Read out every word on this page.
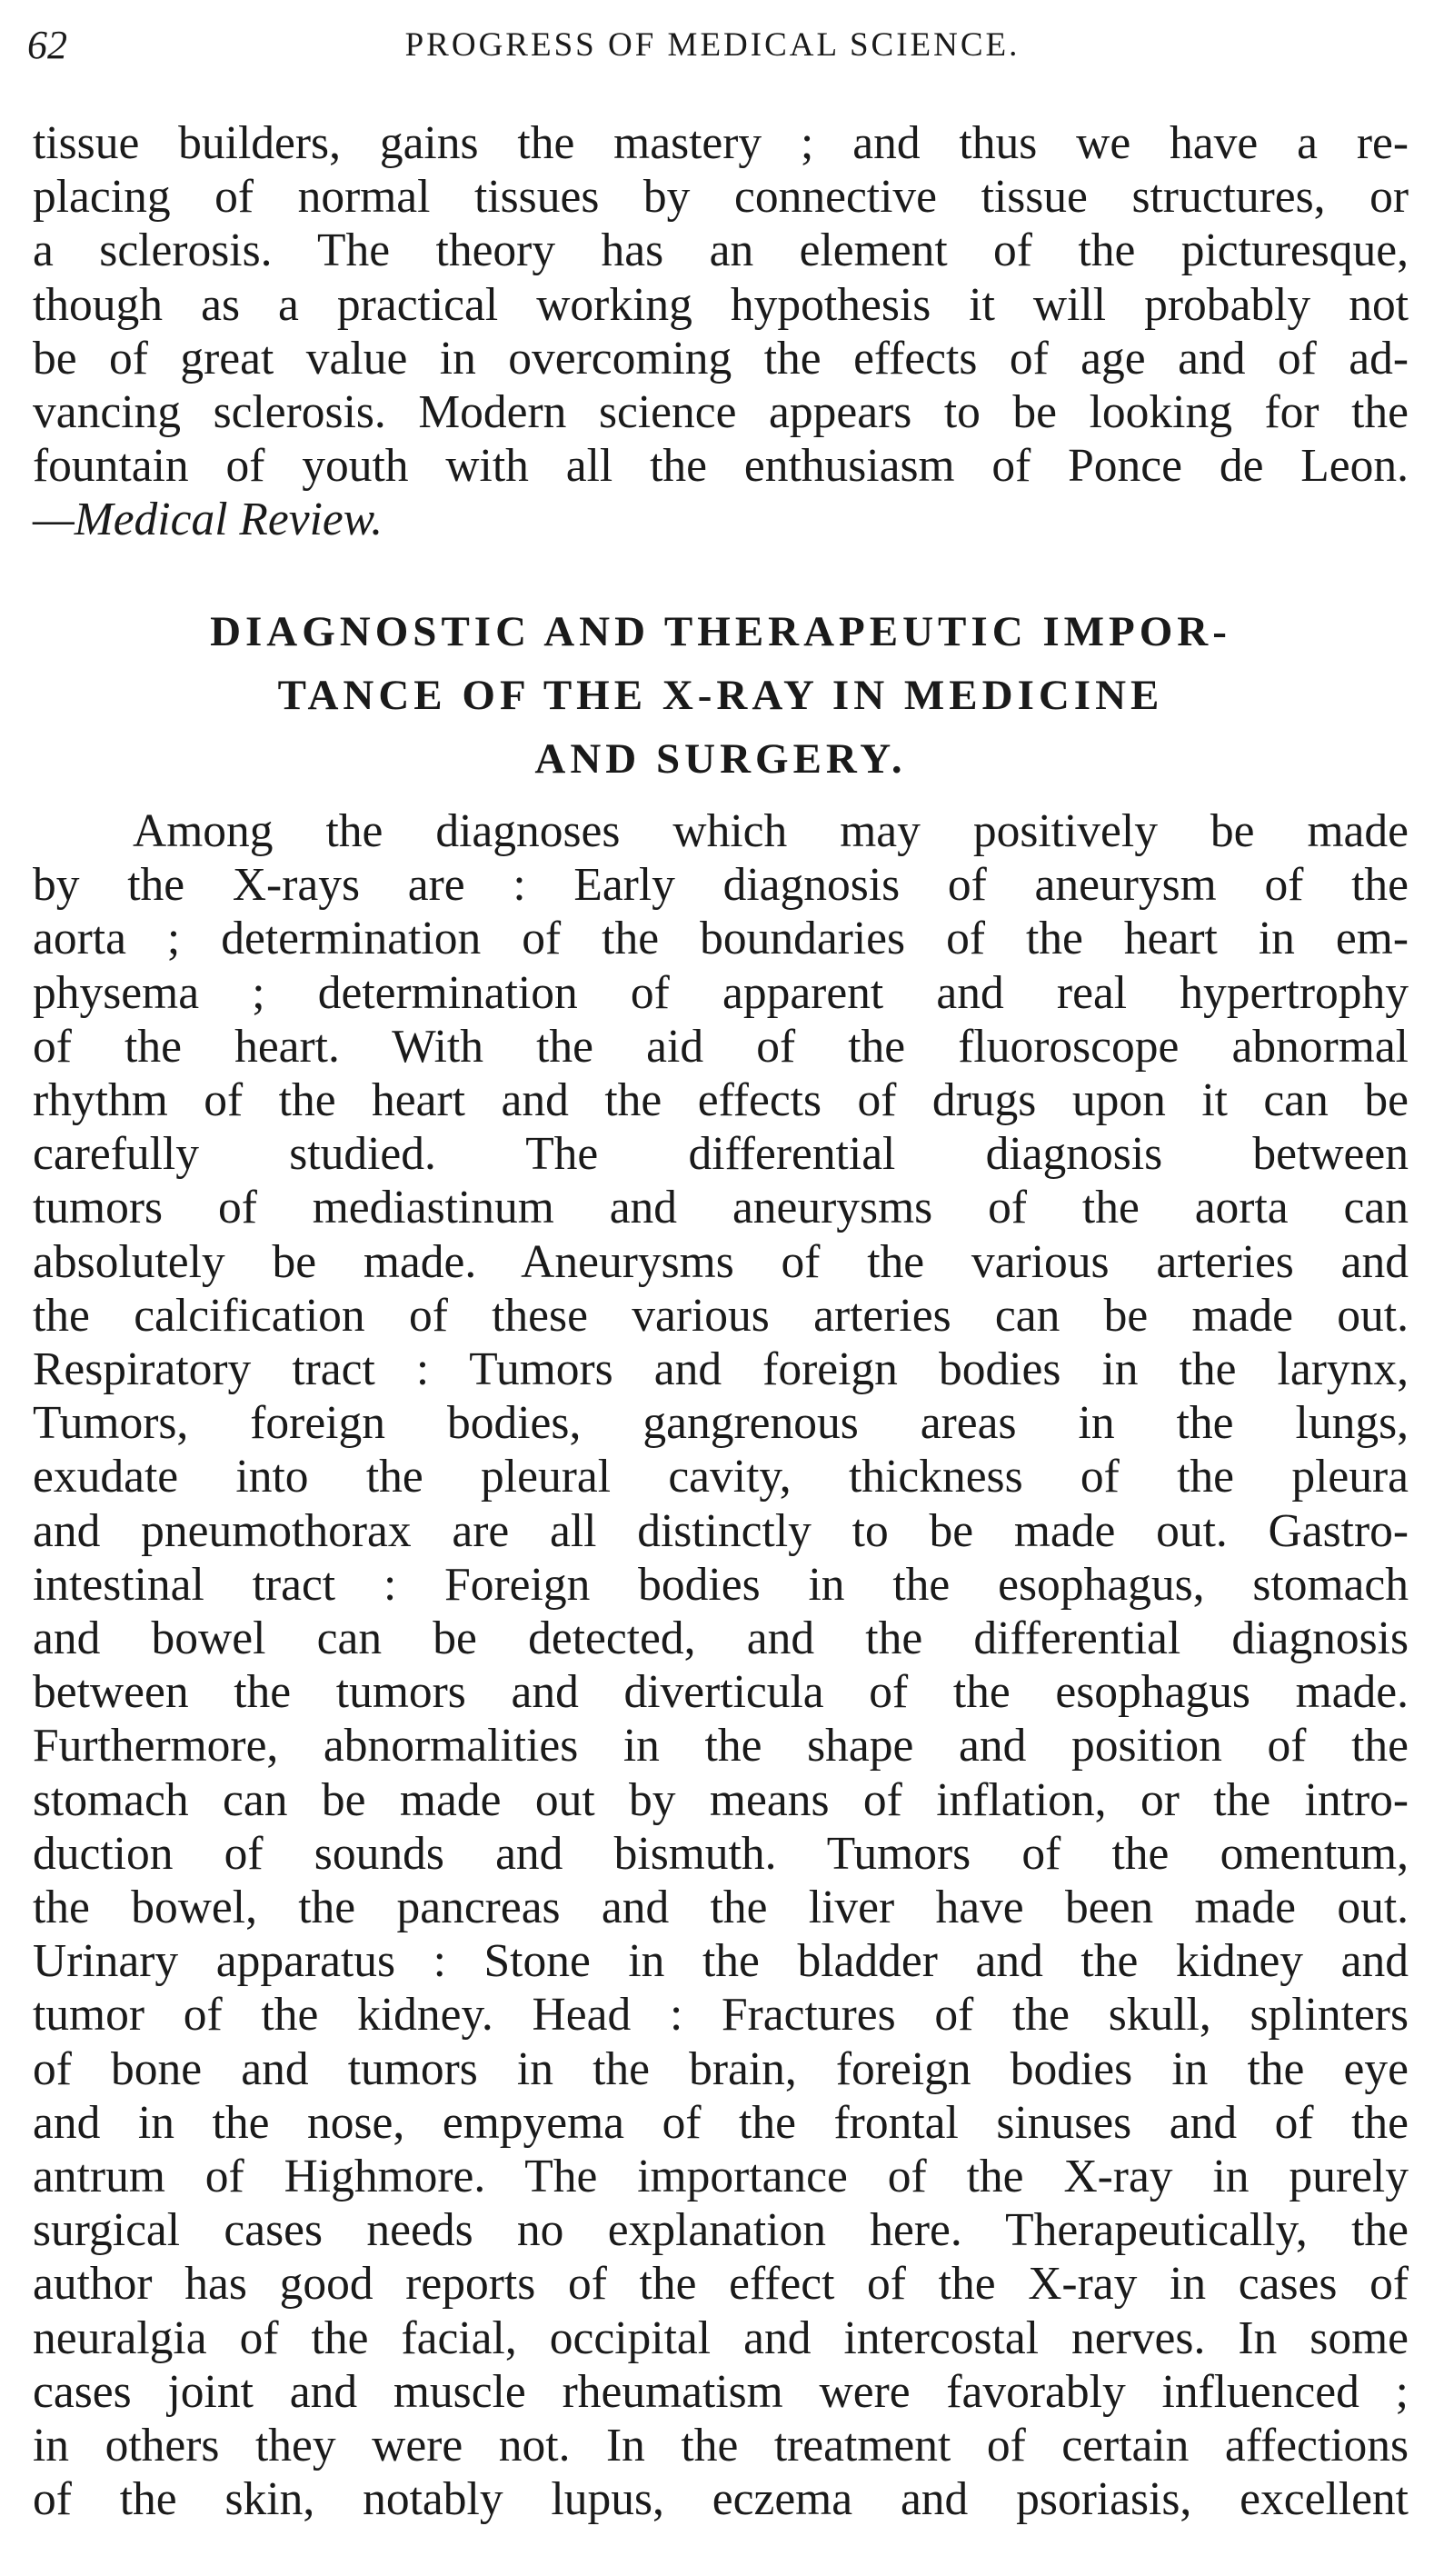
62	PROGRESS OF MEDICAL SCIENCE.
tissue builders, gains the mastery ; and thus we have a re-
placing of normal tissues by connective tissue structures, or
a sclerosis. The theory has an element of the picturesque,
though as a practical working hypothesis it will probably not
be of great value in overcoming the effects of age and of ad-
vancing sclerosis. Modern science appears to be looking for the
fountain of youth with all the enthusiasm of Ponce de Leon.
—Medical Review.
DIAGNOSTIC AND THERAPEUTIC IMPOR-
TANCE OF THE X-RAY IN MEDICINE
AND SURGERY.
Among the diagnoses which may positively be made
by the X-rays are : Early diagnosis of aneurysm of the
aorta ; determination of the boundaries of the heart in em-
physema ; determination of apparent and real hypertrophy
of the heart. With the aid of the fluoroscope abnormal
rhythm of the heart and the effects of drugs upon it can be
carefully studied. The differential diagnosis between
tumors of mediastinum and aneurysms of the aorta can
absolutely be made. Aneurysms of the various arteries and
the calcification of these various arteries can be made out.
Respiratory tract : Tumors and foreign bodies in the larynx,
Tumors, foreign bodies, gangrenous areas in the lungs,
exudate into the pleural cavity, thickness of the pleura
and pneumothorax are all distinctly to be made out. Gastro-
intestinal tract : Foreign bodies in the esophagus, stomach
and bowel can be detected, and the differential diagnosis
between the tumors and diverticula of the esophagus made.
Furthermore, abnormalities in the shape and position of the
stomach can be made out by means of inflation, or the intro-
duction of sounds and bismuth. Tumors of the omentum,
the bowel, the pancreas and the liver have been made out.
Urinary apparatus : Stone in the bladder and the kidney and
tumor of the kidney. Head : Fractures of the skull, splinters
of bone and tumors in the brain, foreign bodies in the eye
and in the nose, empyema of the frontal sinuses and of the
antrum of Highmore. The importance of the X-ray in purely
surgical cases needs no explanation here. Therapeutically, the
author has good reports of the effect of the X-ray in cases of
neuralgia of the facial, occipital and intercostal nerves. In some
cases joint and muscle rheumatism were favorably influenced ;
in others they were not. In the treatment of certain affections
of the skin, notably lupus, eczema and psoriasis, excellent
